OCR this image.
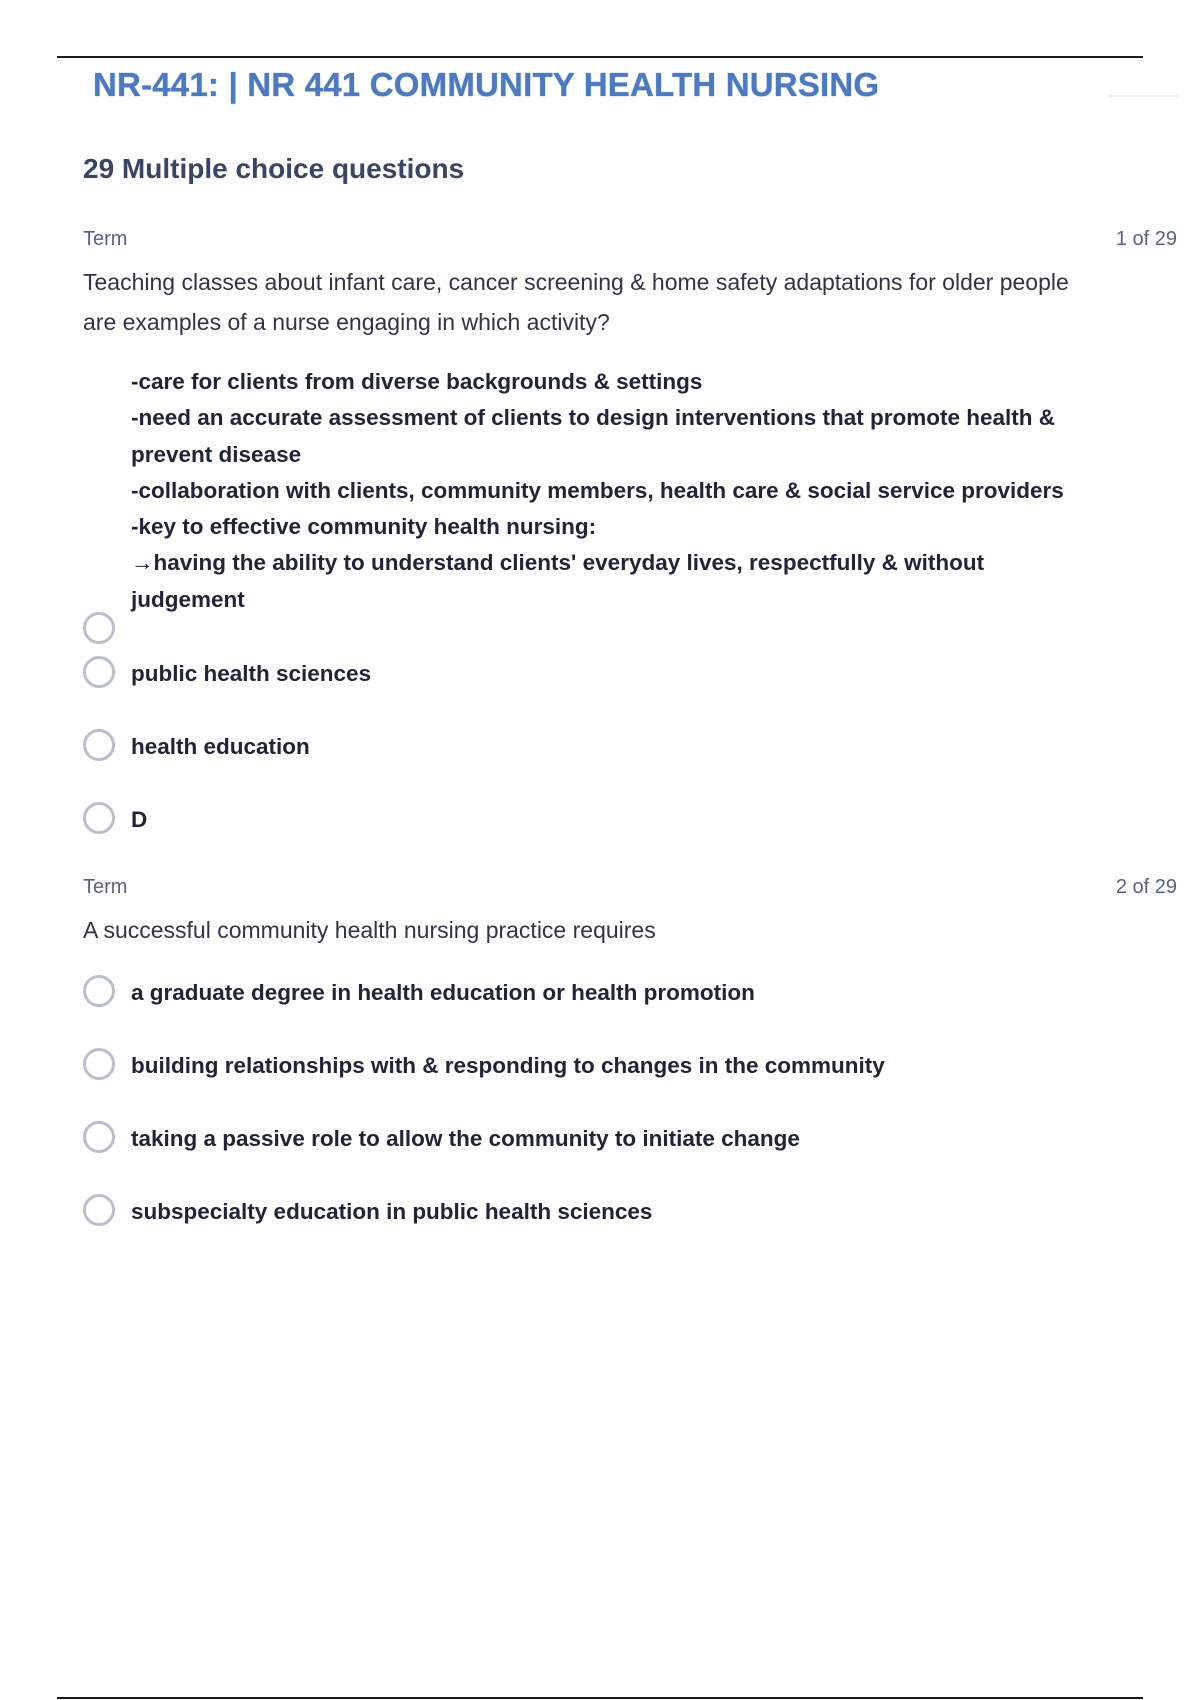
NR-441: | NR 441 COMMUNITY HEALTH NURSING
29 Multiple choice questions
Term	1 of 29
Teaching classes about infant care, cancer screening & home safety adaptations for older people
are examples of a nurse engaging in which activity?
-care for clients from diverse backgrounds & settings
-need an accurate assessment of clients to design interventions that promote health &
prevent disease
-collaboration with clients, community members, health care & social service providers
-key to effective community health nursing:
→having the ability to understand clients' everyday lives, respectfully & without
judgement
public health sciences
health education
D
Term	2 of 29
A successful community health nursing practice requires
a graduate degree in health education or health promotion
building relationships with & responding to changes in the community
taking a passive role to allow the community to initiate change
subspecialty education in public health sciences
